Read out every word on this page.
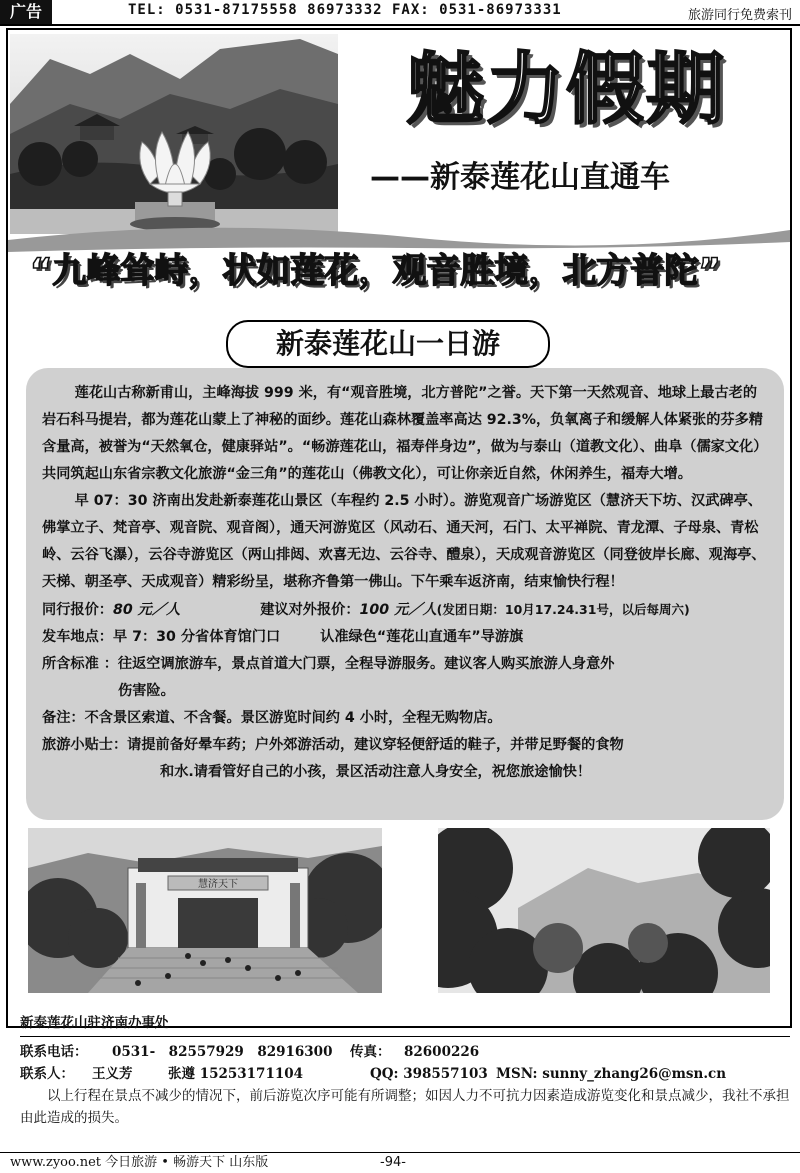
广告	TEL: 0531-87175558 86973332 FAX: 0531-86973331	旅游同行免费索刊
魅力假期
——新泰莲花山直通车
“九峰耸峙，状如莲花，观音胜境，北方普陀”
新泰莲花山一日游

莲花山古称新甫山，主峰海拔 999 米，有“观音胜境，北方普陀”之誉。天下第一天然观音、地球上最古老的岩石科马提岩，都为莲花山蒙上了神秘的面纱。莲花山森林覆盖率高达 92.3%，负氧离子和缓解人体紧张的芬多精含量高，被誉为“天然氧仓，健康驿站”。“畅游莲花山，福寿伴身边”，做为与泰山（道教文化）、曲阜（儒家文化）共同筑起山东省宗教文化旅游“金三角”的莲花山（佛教文化），可让你亲近自然，休闲养生，福寿大增。

早 07：30 济南出发赴新泰莲花山景区（车程约 2.5 小时）。游览观音广场游览区（慧济天下坊、汉武碑亭、佛掌立子、梵音亭、观音院、观音阁），通天河游览区（风动石、通天河，石门、太平禅院、青龙潭、子母泉、青松岭、云谷飞瀑），云谷寺游览区（两山排闼、欢喜无边、云谷寺、醴泉），天成观音游览区（同登彼岸长廊、观海亭、天梯、朝圣亭、天成观音）精彩纷呈，堪称齐鲁第一佛山。下午乘车返济南，结束愉快行程！

同行报价：80 元／人	建议对外报价：100 元／人(发团日期：10月17.24.31号，以后每周六)

发车地点：早 7：30 分省体育馆门口	认准绿色“莲花山直通车”导游旗

所含标准 ：往返空调旅游车，景点首道大门票，全程导游服务。建议客人购买旅游人身意外

伤害险。

备注：不含景区索道、不含餐。景区游览时间约 4 小时，全程无购物店。

旅游小贴士：请提前备好晕车药；户外郊游活动，建议穿轻便舒适的鞋子，并带足野餐的食物

和水.请看管好自己的小孩，景区活动注意人身安全，祝您旅途愉快！

慧济天下
新泰莲花山驻济南办事处
联系电话： 0531-　82557929　82916300 传真： 82600226
联系人： 王义芳	张遵 15253171104	QQ: 398557103 MSN: sunny_zhang26@msn.cn
以上行程在景点不减少的情况下，前后游览次序可能有所调整；如因人力不可抗力因素造成游览变化和景点减少，我社不承担由此造成的损失。
www.zyoo.net 今日旅游 • 畅游天下 山东版	-94-
